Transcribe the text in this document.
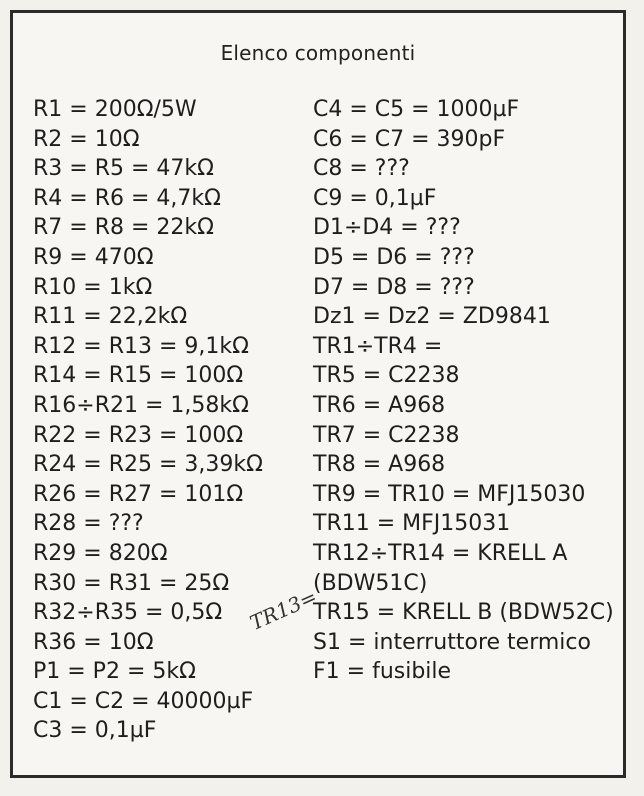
Elenco componenti
R1 = 200Ω/5W
R2 = 10Ω
R3 = R5 = 47kΩ
R4 = R6 = 4,7kΩ
R7 = R8 = 22kΩ
R9 = 470Ω
R10 = 1kΩ
R11 = 22,2kΩ
R12 = R13 = 9,1kΩ
R14 = R15 = 100Ω
R16÷R21 = 1,58kΩ
R22 = R23 = 100Ω
R24 = R25 = 3,39kΩ
R26 = R27 = 101Ω
R28 = ???
R29 = 820Ω
R30 = R31 = 25Ω
R32÷R35 = 0,5Ω
R36 = 10Ω
P1 = P2 = 5kΩ
C1 = C2 = 40000µF
C3 = 0,1µF
C4 = C5 = 1000µF
C6 = C7 = 390pF
C8 = ???
C9 = 0,1µF
D1÷D4 = ???
D5 = D6 = ???
D7 = D8 = ???
Dz1 = Dz2 = ZD9841
TR1÷TR4 =
TR5 = C2238
TR6 = A968
TR7 = C2238
TR8 = A968
TR9 = TR10 = MFJ15030
TR11 = MFJ15031
TR12÷TR14 = KRELL A
(BDW51C)
TR15 = KRELL B (BDW52C)
S1 = interruttore termico
F1 = fusibile
TR13=
